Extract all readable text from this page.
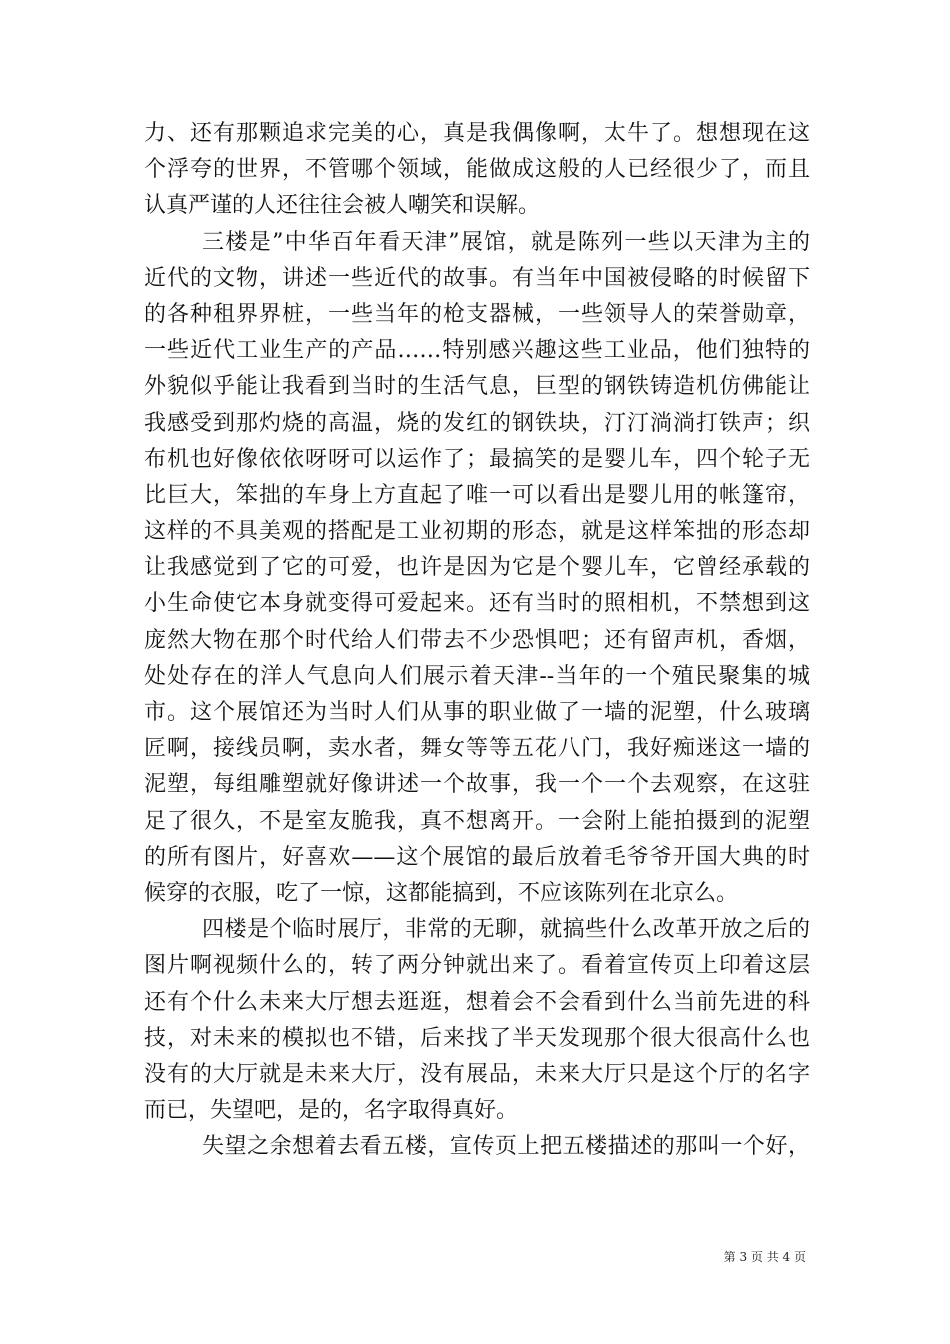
力、还有那颗追求完美的心，真是我偶像啊，太牛了。想想现在这
个浮夸的世界，不管哪个领域，能做成这般的人已经很少了，而且
认真严谨的人还往往会被人嘲笑和误解。
三楼是”中华百年看天津”展馆，就是陈列一些以天津为主的
近代的文物，讲述一些近代的故事。有当年中国被侵略的时候留下
的各种租界界桩，一些当年的枪支器械，一些领导人的荣誉勋章，
一些近代工业生产的产品……特别感兴趣这些工业品，他们独特的
外貌似乎能让我看到当时的生活气息，巨型的钢铁铸造机仿佛能让
我感受到那灼烧的高温，烧的发红的钢铁块，汀汀淌淌打铁声；织
布机也好像依依呀呀可以运作了；最搞笑的是婴儿车，四个轮子无
比巨大，笨拙的车身上方直起了唯一可以看出是婴儿用的帐篷帘，
这样的不具美观的搭配是工业初期的形态，就是这样笨拙的形态却
让我感觉到了它的可爱，也许是因为它是个婴儿车，它曾经承载的
小生命使它本身就变得可爱起来。还有当时的照相机，不禁想到这
庞然大物在那个时代给人们带去不少恐惧吧；还有留声机，香烟，
处处存在的洋人气息向人们展示着天津--当年的一个殖民聚集的城
市。这个展馆还为当时人们从事的职业做了一墙的泥塑，什么玻璃
匠啊，接线员啊，卖水者，舞女等等五花八门，我好痴迷这一墙的
泥塑，每组雕塑就好像讲述一个故事，我一个一个去观察，在这驻
足了很久，不是室友脆我，真不想离开。一会附上能拍摄到的泥塑
的所有图片，好喜欢——这个展馆的最后放着毛爷爷开国大典的时
候穿的衣服，吃了一惊，这都能搞到，不应该陈列在北京么。
四楼是个临时展厅，非常的无聊，就搞些什么改革开放之后的
图片啊视频什么的，转了两分钟就出来了。看着宣传页上印着这层
还有个什么未来大厅想去逛逛，想着会不会看到什么当前先进的科
技，对未来的模拟也不错，后来找了半天发现那个很大很高什么也
没有的大厅就是未来大厅，没有展品，未来大厅只是这个厅的名字
而已，失望吧，是的，名字取得真好。
失望之余想着去看五楼，宣传页上把五楼描述的那叫一个好，
第 3 页 共 4 页
